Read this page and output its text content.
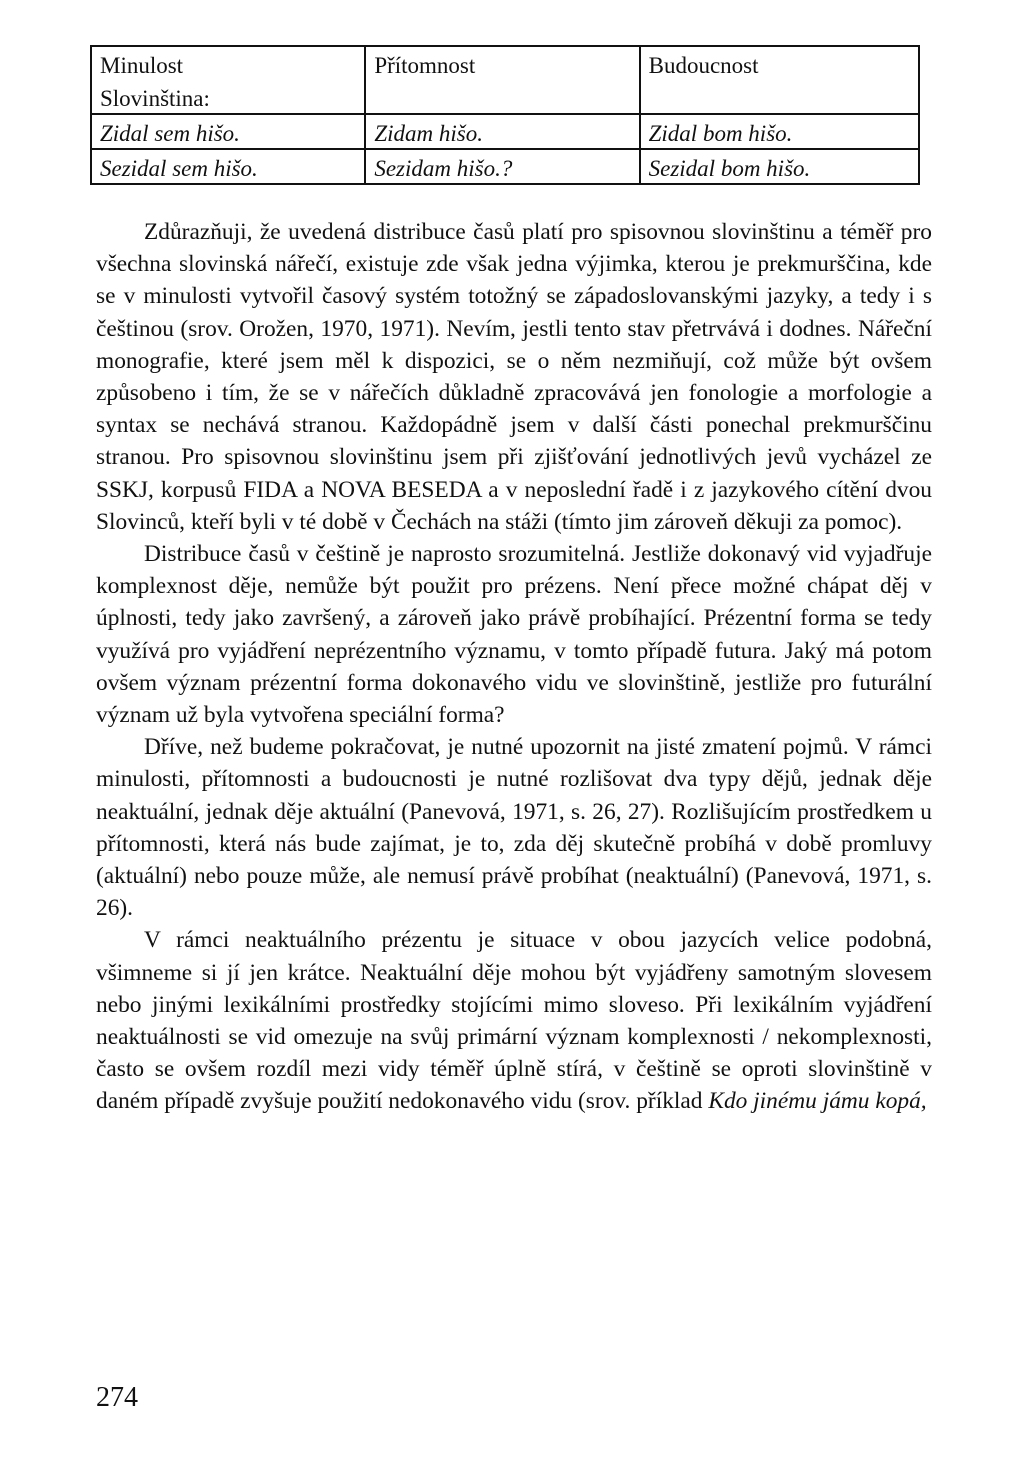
Minulost	Přítomnost	Budoucnost
Slovinština:		
Zidal sem hišo.	Zidam hišo.	Zidal bom hišo.
Sezidal sem hišo.	Sezidam hišo.?	Sezidal bom hišo.

Zdůrazňuji, že uvedená distribuce časů platí pro spisovnou slovinštinu a téměř pro všechna slovinská nářečí, existuje zde však jedna výjimka, kterou je prekmurščina, kde se v minulosti vytvořil časový systém totožný se západoslovanskými jazyky, a tedy i s češtinou (srov. Orožen, 1970, 1971). Nevím, jestli tento stav přetrvává i dodnes. Nářeční monografie, které jsem měl k dispozici, se o něm nezmiňují, což může být ovšem způsobeno i tím, že se v nářečích důkladně zpracovává jen fonologie a morfologie a syntax se nechává stranou. Každopádně jsem v další části ponechal prekmurščinu stranou. Pro spisovnou slovinštinu jsem při zjišťování jednotlivých jevů vycházel ze SSKJ, korpusů FIDA a NOVA BESEDA a v neposlední řadě i z jazykového cítění dvou Slovinců, kteří byli v té době v Čechách na stáži (tímto jim zároveň děkuji za pomoc).

Distribuce časů v češtině je naprosto srozumitelná. Jestliže dokonavý vid vyjadřuje komplexnost děje, nemůže být použit pro prézens. Není přece možné chápat děj v úplnosti, tedy jako završený, a zároveň jako právě probíhající. Prézentní forma se tedy využívá pro vyjádření neprézentního významu, v tomto případě futura. Jaký má potom ovšem význam prézentní forma dokonavého vidu ve slovinštině, jestliže pro futurální význam už byla vytvořena speciální forma?

Dříve, než budeme pokračovat, je nutné upozornit na jisté zmatení pojmů. V rámci minulosti, přítomnosti a budoucnosti je nutné rozlišovat dva typy dějů, jednak děje neaktuální, jednak děje aktuální (Panevová, 1971, s. 26, 27). Rozlišujícím prostředkem u přítomnosti, která nás bude zajímat, je to, zda děj skutečně probíhá v době promluvy (aktuální) nebo pouze může, ale nemusí právě probíhat (neaktuální) (Panevová, 1971, s. 26).

V rámci neaktuálního prézentu je situace v obou jazycích velice podobná, všimneme si jí jen krátce. Neaktuální děje mohou být vyjádřeny samotným slovesem nebo jinými lexikálními prostředky stojícími mimo sloveso. Při lexikálním vyjádření neaktuálnosti se vid omezuje na svůj primární význam komplexnosti / nekomplexnosti, často se ovšem rozdíl mezi vidy téměř úplně stírá, v češtině se oproti slovinštině v daném případě zvyšuje použití nedokonavého vidu (srov. příklad Kdo jinému jámu kopá,

274
